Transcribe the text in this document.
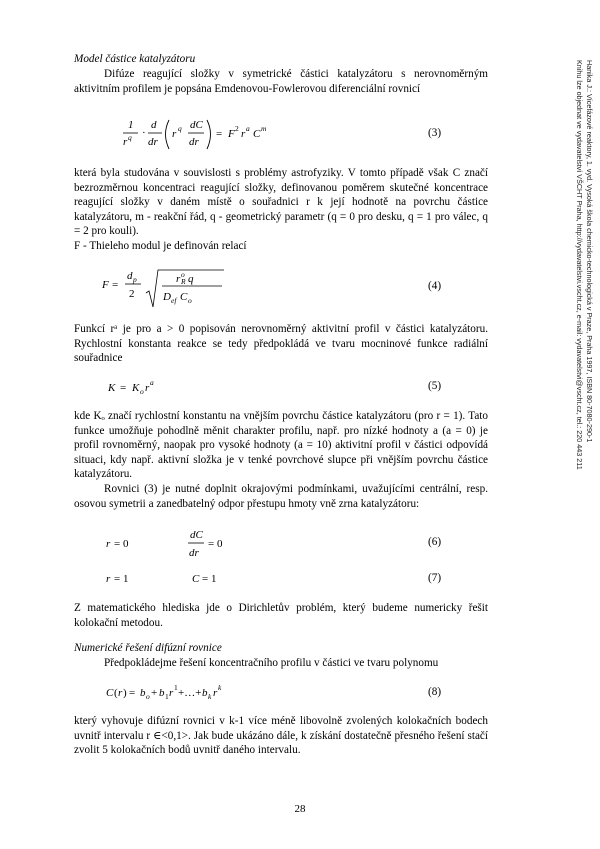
Hanika J.: Vícefázové reaktory, 1. vyd. Vysoká škola chemicko-technologická v Praze, Praha 1997, ISBN 80-7080-290-1
Knihu lze objednat ve vydavatelství VŠCHT Praha, http://vydavatelstvi.vscht.cz, e-mail: vydavatelstvi@vscht.cz, tel.: 220 443 211
Model částice katalyzátoru
Difúze reagující složky v symetrické částici katalyzátoru s nerovnoměrným aktivitním profilem je popsána Emdenovou-Fowlerovou diferenciální rovnicí
1
r q ·
d
dr
r q dC
dr
= F 2 r a C m	(3)
která byla studována v souvislosti s problémy astrofyziky. V tomto případě však C značí bezrozměrnou koncentraci reagující složky, definovanou poměrem skutečné koncentrace reagující složky v daném místě o souřadnici r k její hodnotě na povrchu částice katalyzátoru, m - reakční řád, q - geometrický parametr (q = 0 pro desku, q = 1 pro válec, q = 2 pro kouli).
F - Thieleho modul je definován relací
F =
d p
2
r o
R q
D ef C o
(4)
Funkcí rᵃ je pro a > 0 popisován nerovnoměrný aktivitní profil v částici katalyzátoru. Rychlostní konstanta reakce se tedy předpokládá ve tvaru mocninové funkce radiální souřadnice
K = K o r a	(5)
kde Kₒ značí rychlostní konstantu na vnějším povrchu částice katalyzátoru (pro r = 1). Tato funkce umožňuje pohodlně měnit charakter profilu, např. pro nízké hodnoty a (a = 0) je profil rovnoměrný, naopak pro vysoké hodnoty (a = 10) aktivitní profil v částici odpovídá situaci, kdy např. aktivní složka je v tenké povrchové slupce při vnějším povrchu částice katalyzátoru.
Rovnici (3) je nutné doplnit okrajovými podmínkami, uvažujícími centrální, resp. osovou symetrii a zanedbatelný odpor přestupu hmoty vně zrna katalyzátoru:
r = 0
dC
dr
= 0	(6)
r = 1	C = 1	(7)
Z matematického hlediska jde o Dirichletův problém, který budeme numericky řešit kolokační metodou.
Numerické řešení difúzní rovnice
Předpokládejme řešení koncentračního profilu v částici ve tvaru polynomu
C ( r ) = b o + b 1 r 1 +…+ b k r k	(8)
který vyhovuje difúzní rovnici v k-1 více méně libovolně zvolených kolokačních bodech uvnitř intervalu r ∈<0,1>. Jak bude ukázáno dále, k získání dostatečně přesného řešení stačí zvolit 5 kolokačních bodů uvnitř daného intervalu.
28
